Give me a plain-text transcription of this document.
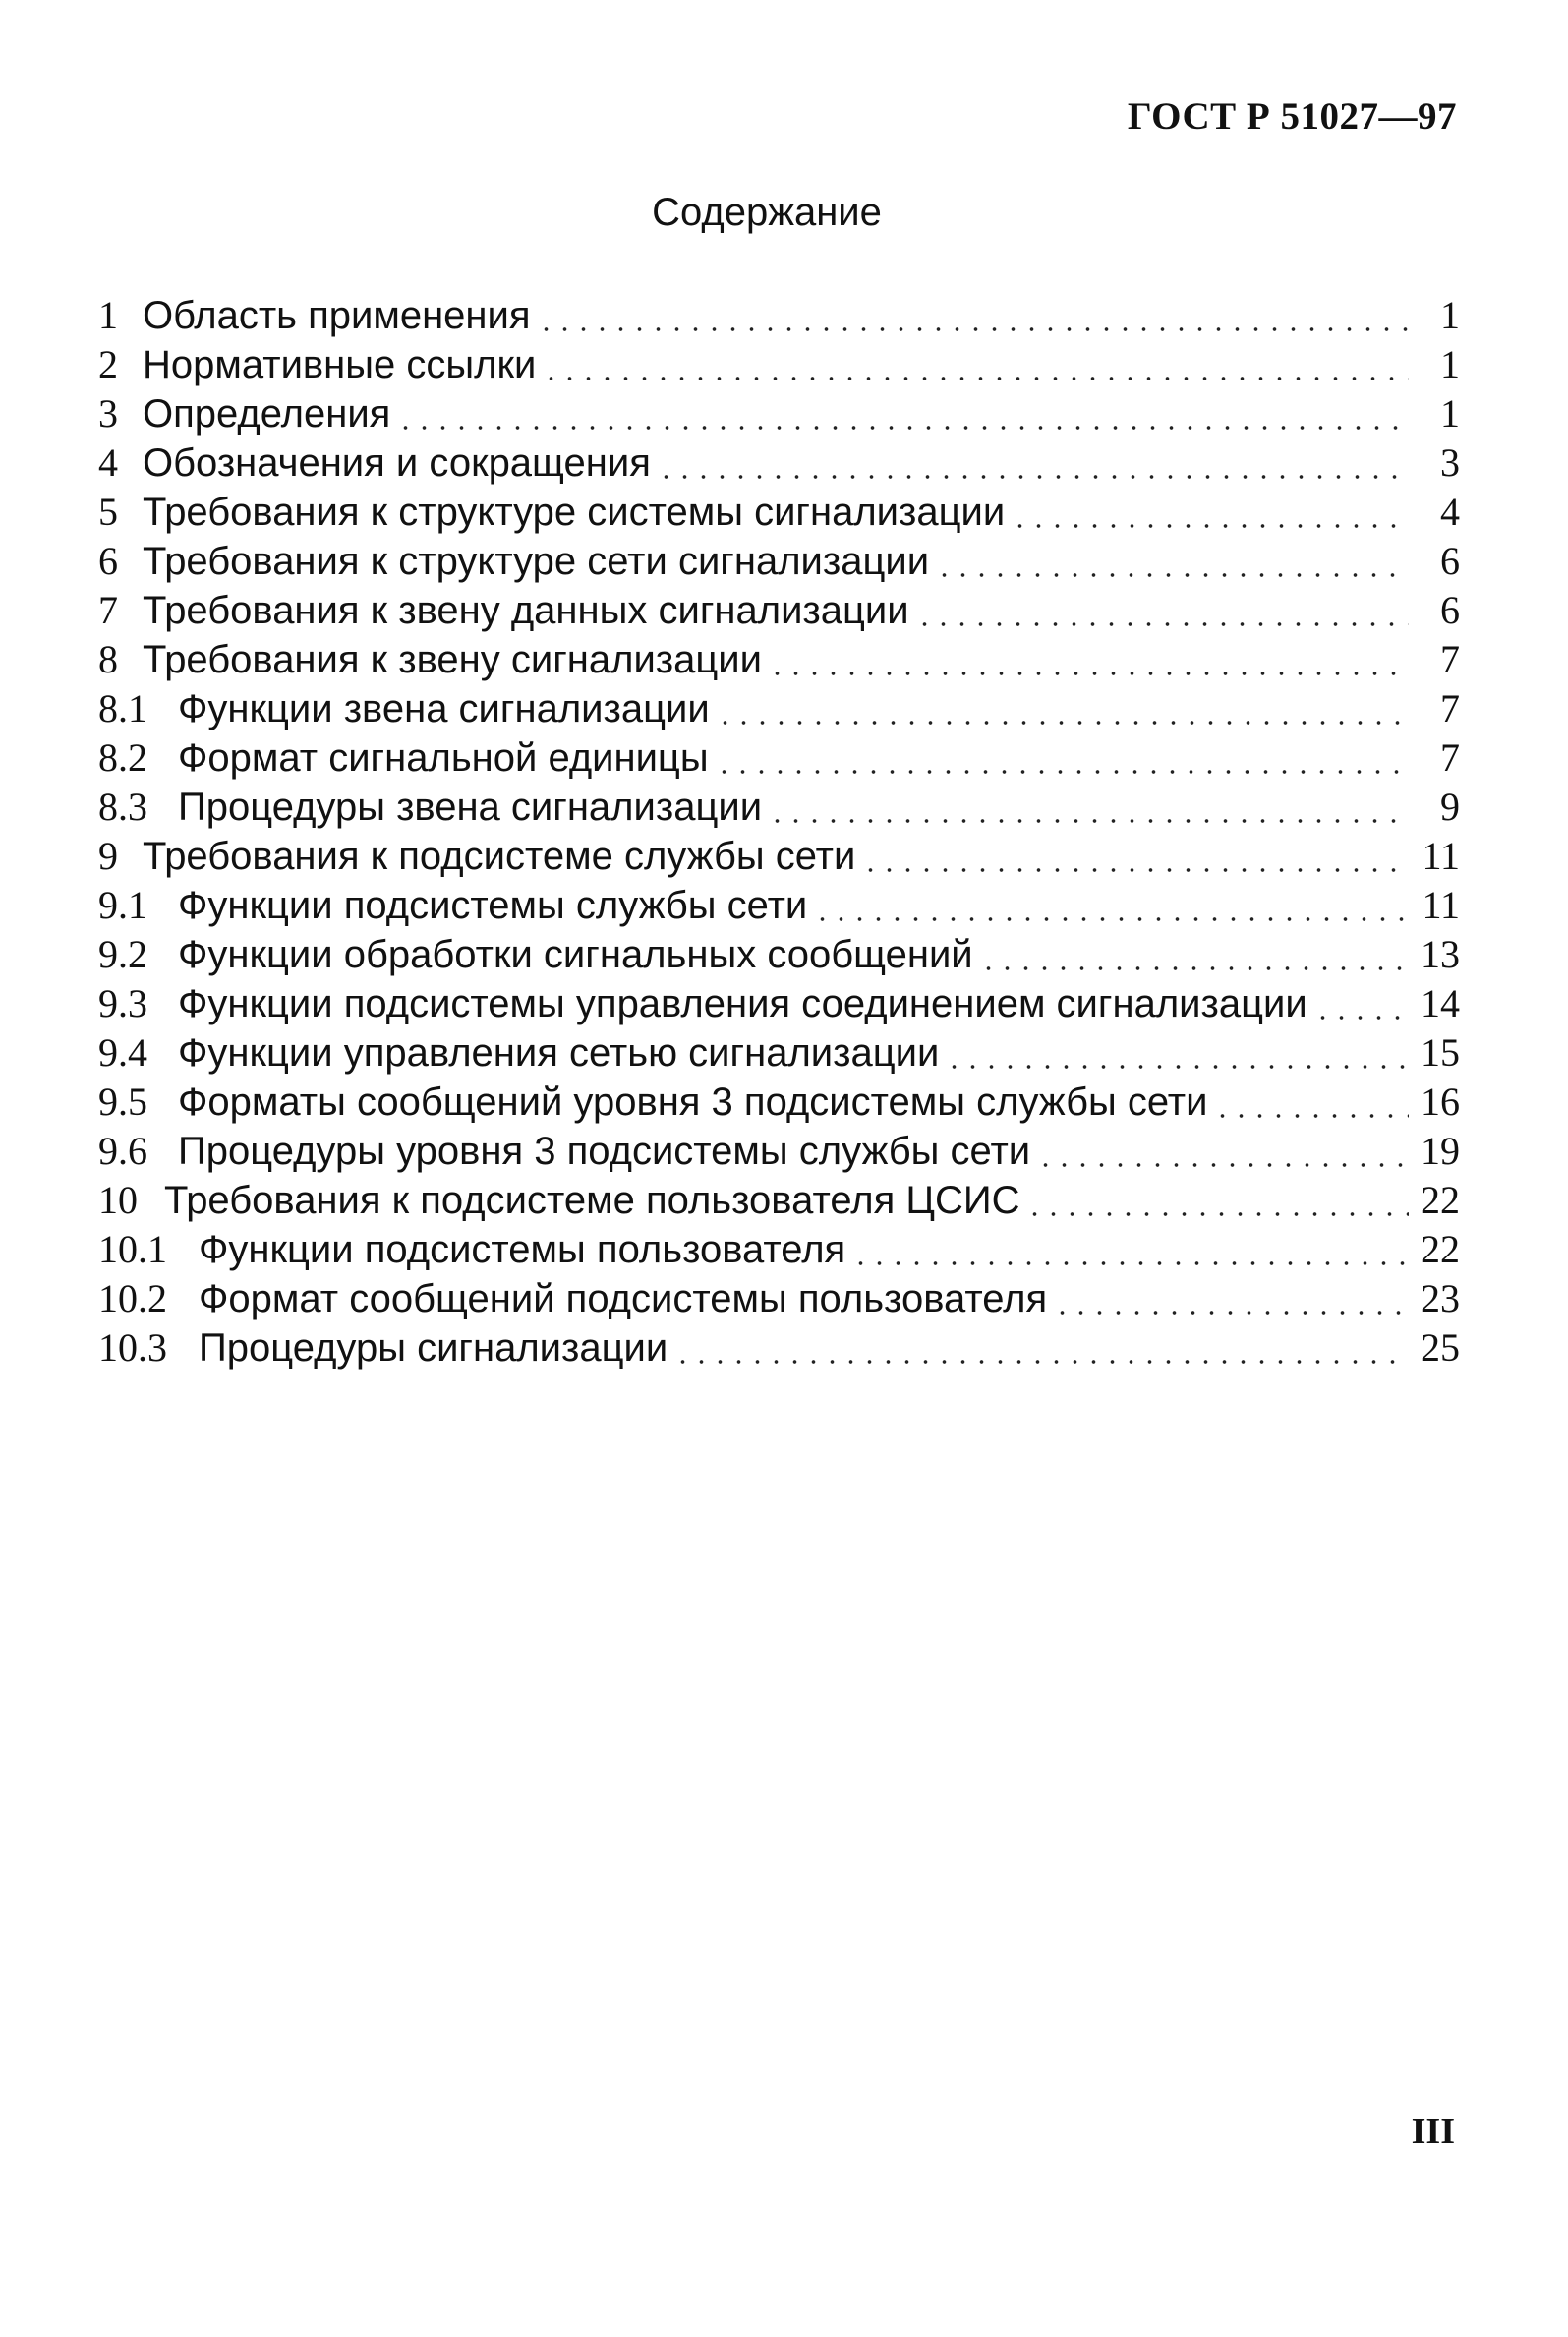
ГОСТ Р 51027—97
Содержание
1 Область применения	1
2 Нормативные ссылки	1
3 Определения	1
4 Обозначения и сокращения	3
5 Требования к структуре системы сигнализации	4
6 Требования к структуре сети сигнализации	6
7 Требования к звену данных сигнализации	6
8 Требования к звену сигнализации	7
8.1 Функции звена сигнализации	7
8.2 Формат сигнальной единицы	7
8.3 Процедуры звена сигнализации	9
9 Требования к подсистеме службы сети	11
9.1 Функции подсистемы службы сети	11
9.2 Функции обработки сигнальных сообщений	13
9.3 Функции подсистемы управления соединением сигнализации	14
9.4 Функции управления сетью сигнализации	15
9.5 Форматы сообщений уровня 3 подсистемы службы сети	16
9.6 Процедуры уровня 3 подсистемы службы сети	19
10 Требования к подсистеме пользователя ЦСИС	22
10.1 Функции подсистемы пользователя	22
10.2 Формат сообщений подсистемы пользователя	23
10.3 Процедуры сигнализации	25
III
